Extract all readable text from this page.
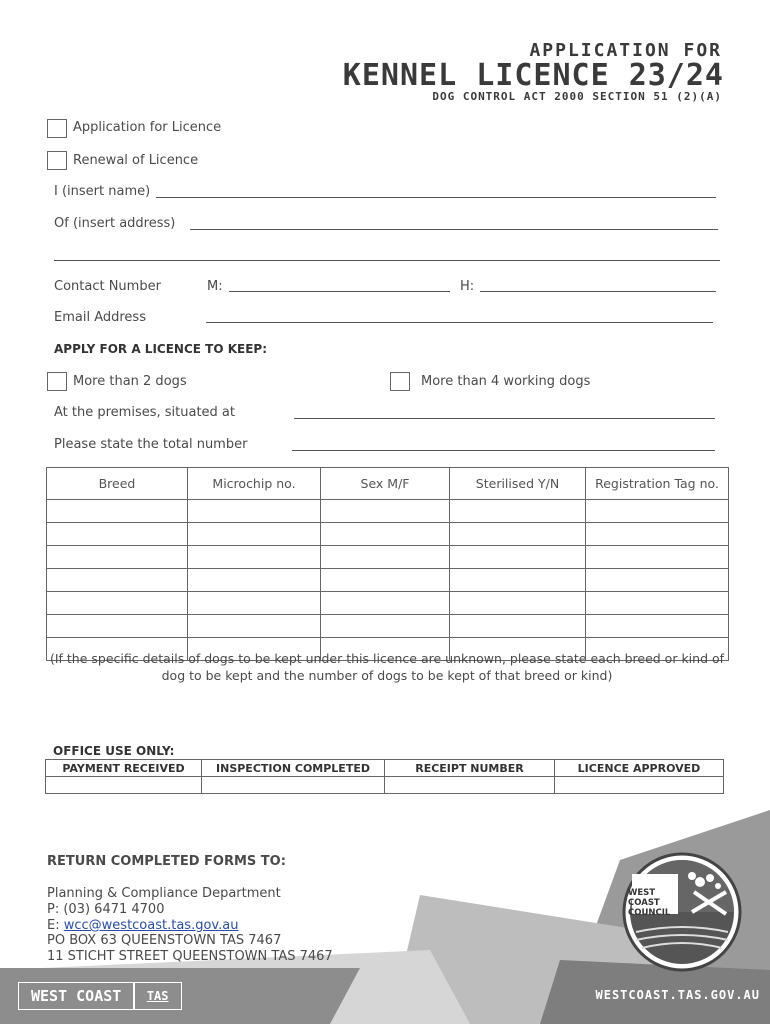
APPLICATION FOR
KENNEL LICENCE 23/24
DOG CONTROL ACT 2000 SECTION 51 (2)(A)
Application for Licence
Renewal of Licence
I (insert name)
Of (insert address)
Contact Number	M:	H:
Email Address
APPLY FOR A LICENCE TO KEEP:
More than 2 dogs	More than 4 working dogs
At the premises, situated at
Please state the total number
Breed	Microchip no.	Sex M/F	Sterilised Y/N	Registration Tag no.

(If the specific details of dogs to be kept under this licence are unknown, please state each breed or kind of dog to be kept and the number of dogs to be kept of that breed or kind)
OFFICE USE ONLY:
PAYMENT RECEIVED	INSPECTION COMPLETED	RECEIPT NUMBER	LICENCE APPROVED

RETURN COMPLETED FORMS TO:
Planning & Compliance Department
P: (03) 6471 4700
E: wcc@westcoast.tas.gov.au
PO BOX 63 QUEENSTOWN TAS 7467
11 STICHT STREET QUEENSTOWN TAS 7467
WEST
COAST
COUNCIL
WEST COAST	TAS	WESTCOAST.TAS.GOV.AU
